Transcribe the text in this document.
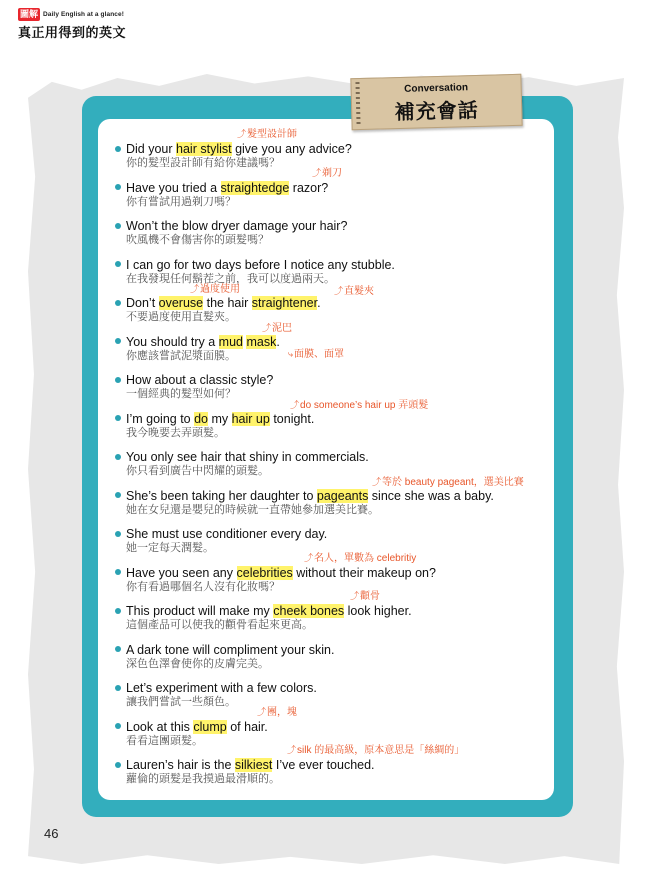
圖解 Daily English at a glance!
真正用得到的英文
Conversation
補充會話
⤴髮型設計師
Did your hair stylist give you any advice?
你的髮型設計師有給你建議嗎？
⤴剃刀
Have you tried a straightedge razor?
你有嘗試用過剃刀嗎？
Won’t the blow dryer damage your hair?
吹風機不會傷害你的頭髮嗎？
I can go for two days before I notice any stubble.
在我發現任何鬍茬之前，我可以度過兩天。
⤴過度使用	⤴直髮夾
Don’t overuse the hair straightener.
不要過度使用直髮夾。
⤴泥巴
⤷面膜、面罩
You should try a mud mask.
你應該嘗試泥漿面膜。
How about a classic style?
一個經典的髮型如何？
⤴do someone’s hair up 弄頭髮
I’m going to do my hair up tonight.
我今晚要去弄頭髮。
You only see hair that shiny in commercials.
你只看到廣告中閃耀的頭髮。
⤴等於 beauty pageant，選美比賽
She’s been taking her daughter to pageants since she was a baby.
她在女兒還是嬰兒的時候就一直帶她參加選美比賽。
She must use conditioner every day.
她一定每天潤髮。
⤴名人，單數為 celebritiy
Have you seen any celebrities without their makeup on?
你有看過哪個名人沒有化妝嗎？
⤴顴骨
This product will make my cheek bones look higher.
這個產品可以使我的顴骨看起來更高。
A dark tone will compliment your skin.
深色色澤會使你的皮膚完美。
Let’s experiment with a few colors.
讓我們嘗試一些顏色。
⤴團，塊
Look at this clump of hair.
看看這團頭髮。
⤴silk 的最高級，原本意思是「絲綢的」
Lauren’s hair is the silkiest I’ve ever touched.
蘿倫的頭髮是我摸過最滑順的。
46
